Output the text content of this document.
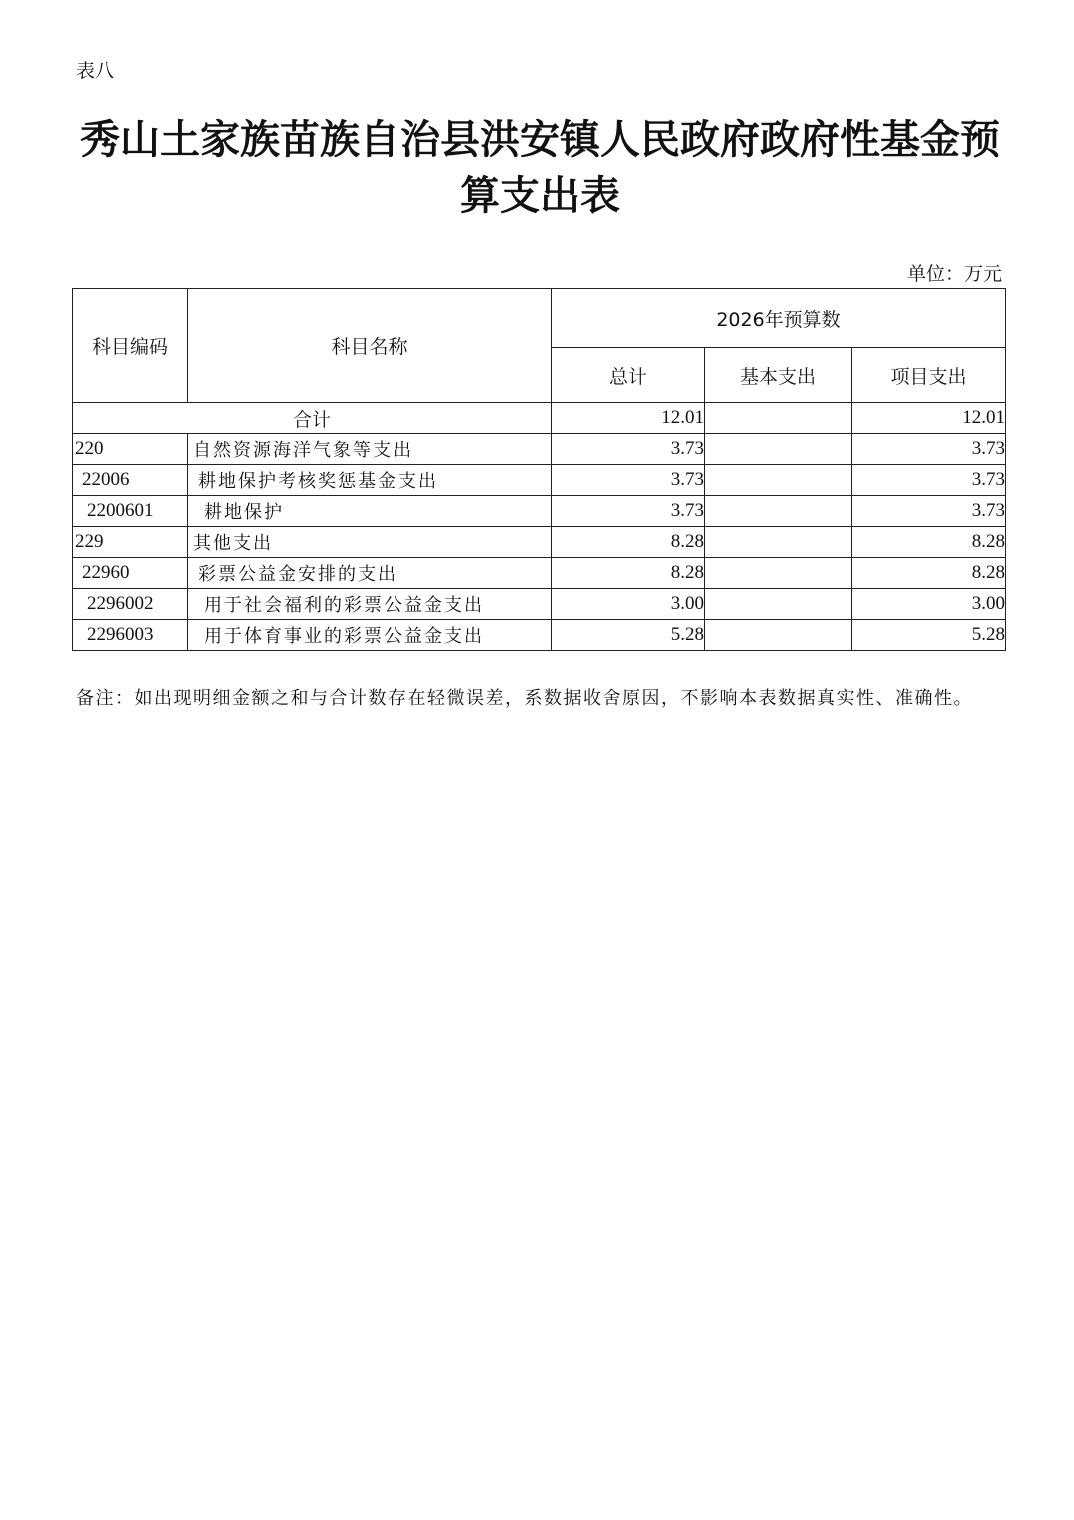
表八
秀山土家族苗族自治县洪安镇人民政府政府性基金预算支出表
单位：万元
科目编码	科目名称	2026年预算数		
		总计	基本支出	项目支出
合计		12.01		12.01
220	自然资源海洋气象等支出	3.73		3.73
22006	耕地保护考核奖惩基金支出	3.73		3.73
2200601	耕地保护	3.73		3.73
229	其他支出	8.28		8.28
22960	彩票公益金安排的支出	8.28		8.28
2296002	用于社会福利的彩票公益金支出	3.00		3.00
2296003	用于体育事业的彩票公益金支出	5.28		5.28
备注：如出现明细金额之和与合计数存在轻微误差，系数据收舍原因，不影响本表数据真实性、准确性。
